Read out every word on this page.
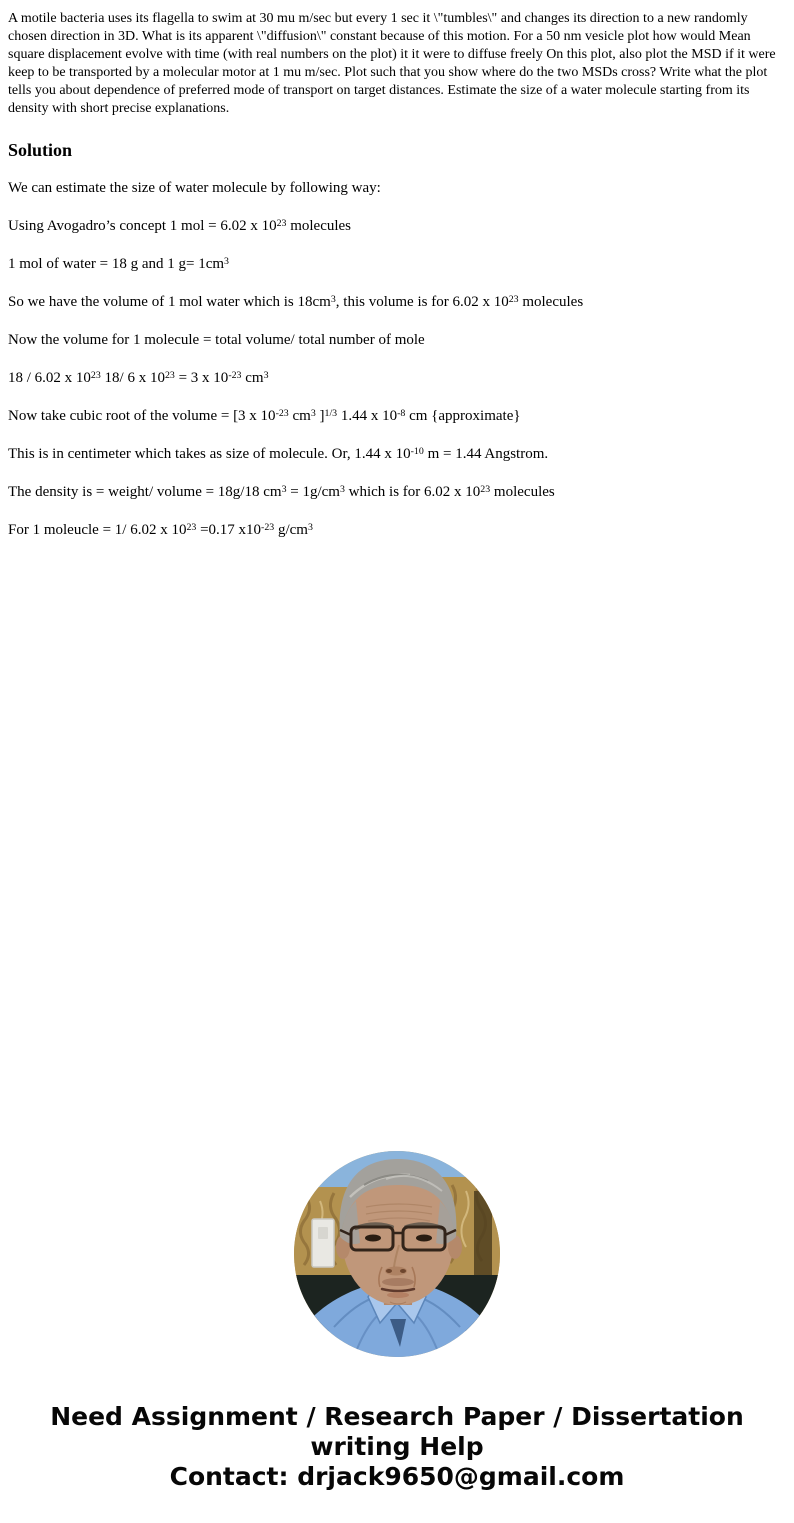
A motile bacteria uses its flagella to swim at 30 mu m/sec but every 1 sec it \"tumbles\" and changes its direction to a new randomly chosen direction in 3D. What is its apparent \"diffusion\" constant because of this motion. For a 50 nm vesicle plot how would Mean square displacement evolve with time (with real numbers on the plot) it it were to diffuse freely On this plot, also plot the MSD if it were keep to be transported by a molecular motor at 1 mu m/sec. Plot such that you show where do the two MSDs cross? Write what the plot tells you about dependence of preferred mode of transport on target distances. Estimate the size of a water molecule starting from its density with short precise explanations.

Solution

We can estimate the size of water molecule by following way:

Using Avogadro’s concept 1 mol = 6.02 x $10^{23}$ molecules

1 mol of water = 18 g and 1 $g= 1cm^3$

So we have the volume of 1 mol water which is $18cm^3$, this volume is for 6.02 x $10^{23}$ molecules

Now the volume for 1 molecule = total volume/ total number of mole

18 / 6.02 x $10^{23}$ 18/ 6 x $10^{23} = 3$ x $10^{-23}$ $cm^3$

Now take cubic root of the volume = [3 x $10^{-23}$ $cm^3$ ]$^{1/3}$ 1.44 x $10^{-8}$ cm {approximate}

This is in centimeter which takes as size of molecule. Or, 1.44 x $10^{-10}$ m = 1.44 Angstrom.

The density is = weight/ volume = 18g/18 $cm^3 = 1g/cm^3$ which is for 6.02 x $10^{23}$ molecules

For 1 moleucle = 1/ 6.02 x $10^{23} =0.17$ $x10^{-23}$ $g/cm^3$

Need Assignment / Research Paper / Dissertation
writing Help
Contact: drjack9650@gmail.com
